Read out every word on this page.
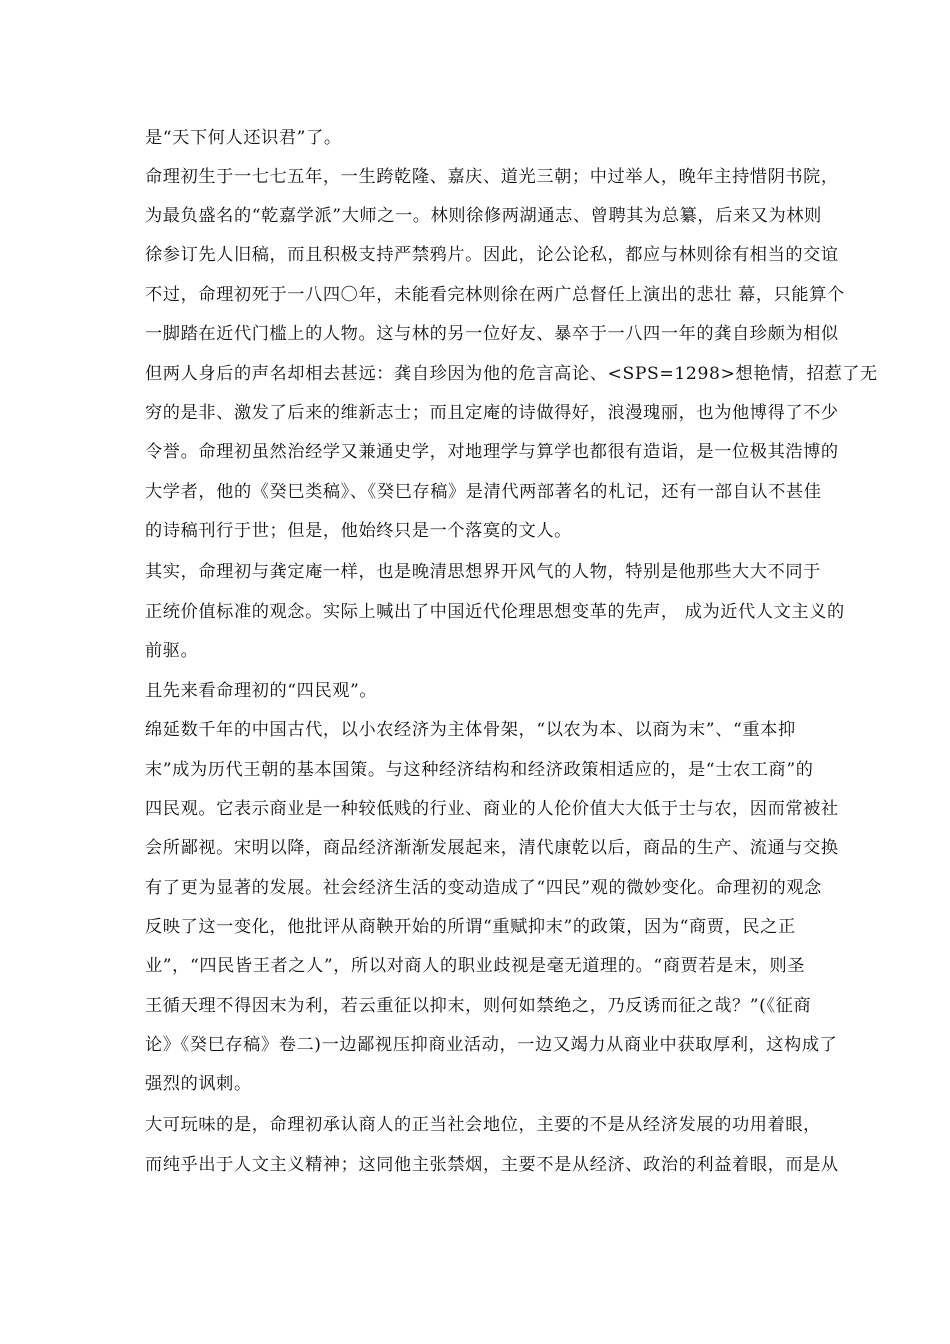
是“天下何人还识君”了。
命理初生于一七七五年，一生跨乾隆、嘉庆、道光三朝；中过举人，晚年主持惜阴书院，
为最负盛名的“乾嘉学派”大师之一。林则徐修两湖通志、曾聘其为总纂，后来又为林则
徐参订先人旧稿，而且积极支持严禁鸦片。因此，论公论私，都应与林则徐有相当的交谊
不过，命理初死于一八四〇年，未能看完林则徐在两广总督任上演出的悲壮 幕，只能算个
一脚踏在近代门槛上的人物。这与林的另一位好友、暴卒于一八四一年的龚自珍颇为相似
但两人身后的声名却相去甚远：龚自珍因为他的危言高论、<SPS=1298>想艳情，招惹了无
穷的是非、激发了后来的维新志士；而且定庵的诗做得好，浪漫瑰丽，也为他博得了不少
令誉。命理初虽然治经学又兼通史学，对地理学与算学也都很有造诣，是一位极其浩博的
大学者，他的《癸巳类稿》、《癸巳存稿》是清代两部著名的札记，还有一部自认不甚佳
的诗稿刊行于世；但是，他始终只是一个落寞的文人。
其实，命理初与龚定庵一样，也是晚清思想界开风气的人物，特别是他那些大大不同于
正统价值标准的观念。实际上喊出了中国近代伦理思想变革的先声， 成为近代人文主义的
前驱。
且先来看命理初的“四民观”。
绵延数千年的中国古代，以小农经济为主体骨架，“以农为本、以商为末”、“重本抑
末”成为历代王朝的基本国策。与这种经济结构和经济政策相适应的，是“士农工商”的
四民观。它表示商业是一种较低贱的行业、商业的人伦价值大大低于士与农，因而常被社
会所鄙视。宋明以降，商品经济渐渐发展起来，清代康乾以后，商品的生产、流通与交换
有了更为显著的发展。社会经济生活的变动造成了“四民”观的微妙变化。命理初的观念
反映了这一变化，他批评从商鞅开始的所谓“重赋抑末”的政策，因为“商贾，民之正
业”，“四民皆王者之人”，所以对商人的职业歧视是毫无道理的。“商贾若是末，则圣
王循天理不得因末为利，若云重征以抑末，则何如禁绝之，乃反诱而征之哉？”(《征商
论》《癸巳存稿》卷二)一边鄙视压抑商业活动，一边又竭力从商业中获取厚利，这构成了
强烈的讽刺。
大可玩味的是，命理初承认商人的正当社会地位，主要的不是从经济发展的功用着眼，
而纯乎出于人文主义精神；这同他主张禁烟，主要不是从经济、政治的利益着眼，而是从
